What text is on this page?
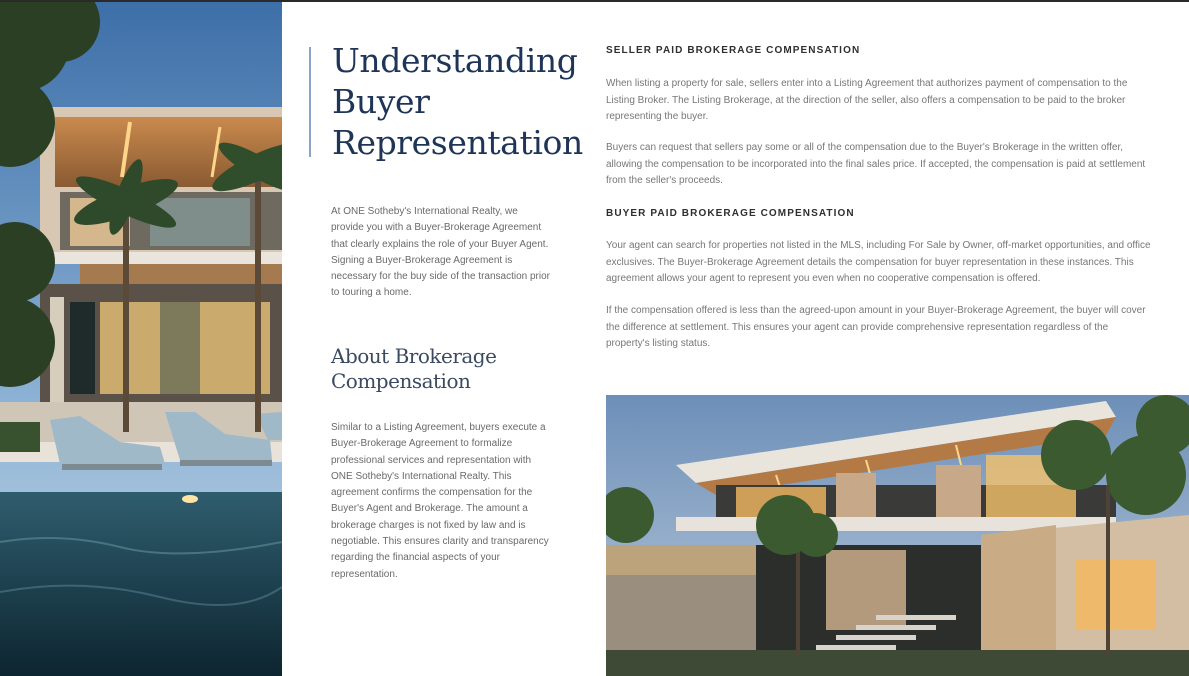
Understanding Buyer Representation

At ONE Sotheby's International Realty, we provide you with a Buyer-Brokerage Agreement that clearly explains the role of your Buyer Agent. Signing a Buyer-Brokerage Agreement is necessary for the buy side of the transaction prior to touring a home.

About Brokerage Compensation

Similar to a Listing Agreement, buyers execute a Buyer-Brokerage Agreement to formalize professional services and representation with ONE Sotheby's International Realty. This agreement confirms the compensation for the Buyer's Agent and Brokerage. The amount a brokerage charges is not fixed by law and is negotiable. This ensures clarity and transparency regarding the financial aspects of your representation.

SELLER PAID BROKERAGE COMPENSATION

When listing a property for sale, sellers enter into a Listing Agreement that authorizes payment of compensation to the Listing Broker. The Listing Brokerage, at the direction of the seller, also offers a compensation to be paid to the broker representing the buyer.

Buyers can request that sellers pay some or all of the compensation due to the Buyer's Brokerage in the written offer, allowing the compensation to be incorporated into the final sales price. If accepted, the compensation is paid at settlement from the seller's proceeds.

BUYER PAID BROKERAGE COMPENSATION

Your agent can search for properties not listed in the MLS, including For Sale by Owner, off-market opportunities, and office exclusives. The Buyer-Brokerage Agreement details the compensation for buyer representation in these instances. This agreement allows your agent to represent you even when no cooperative compensation is offered.

If the compensation offered is less than the agreed-upon amount in your Buyer-Brokerage Agreement, the buyer will cover the difference at settlement. This ensures your agent can provide comprehensive representation regardless of the property's listing status.
